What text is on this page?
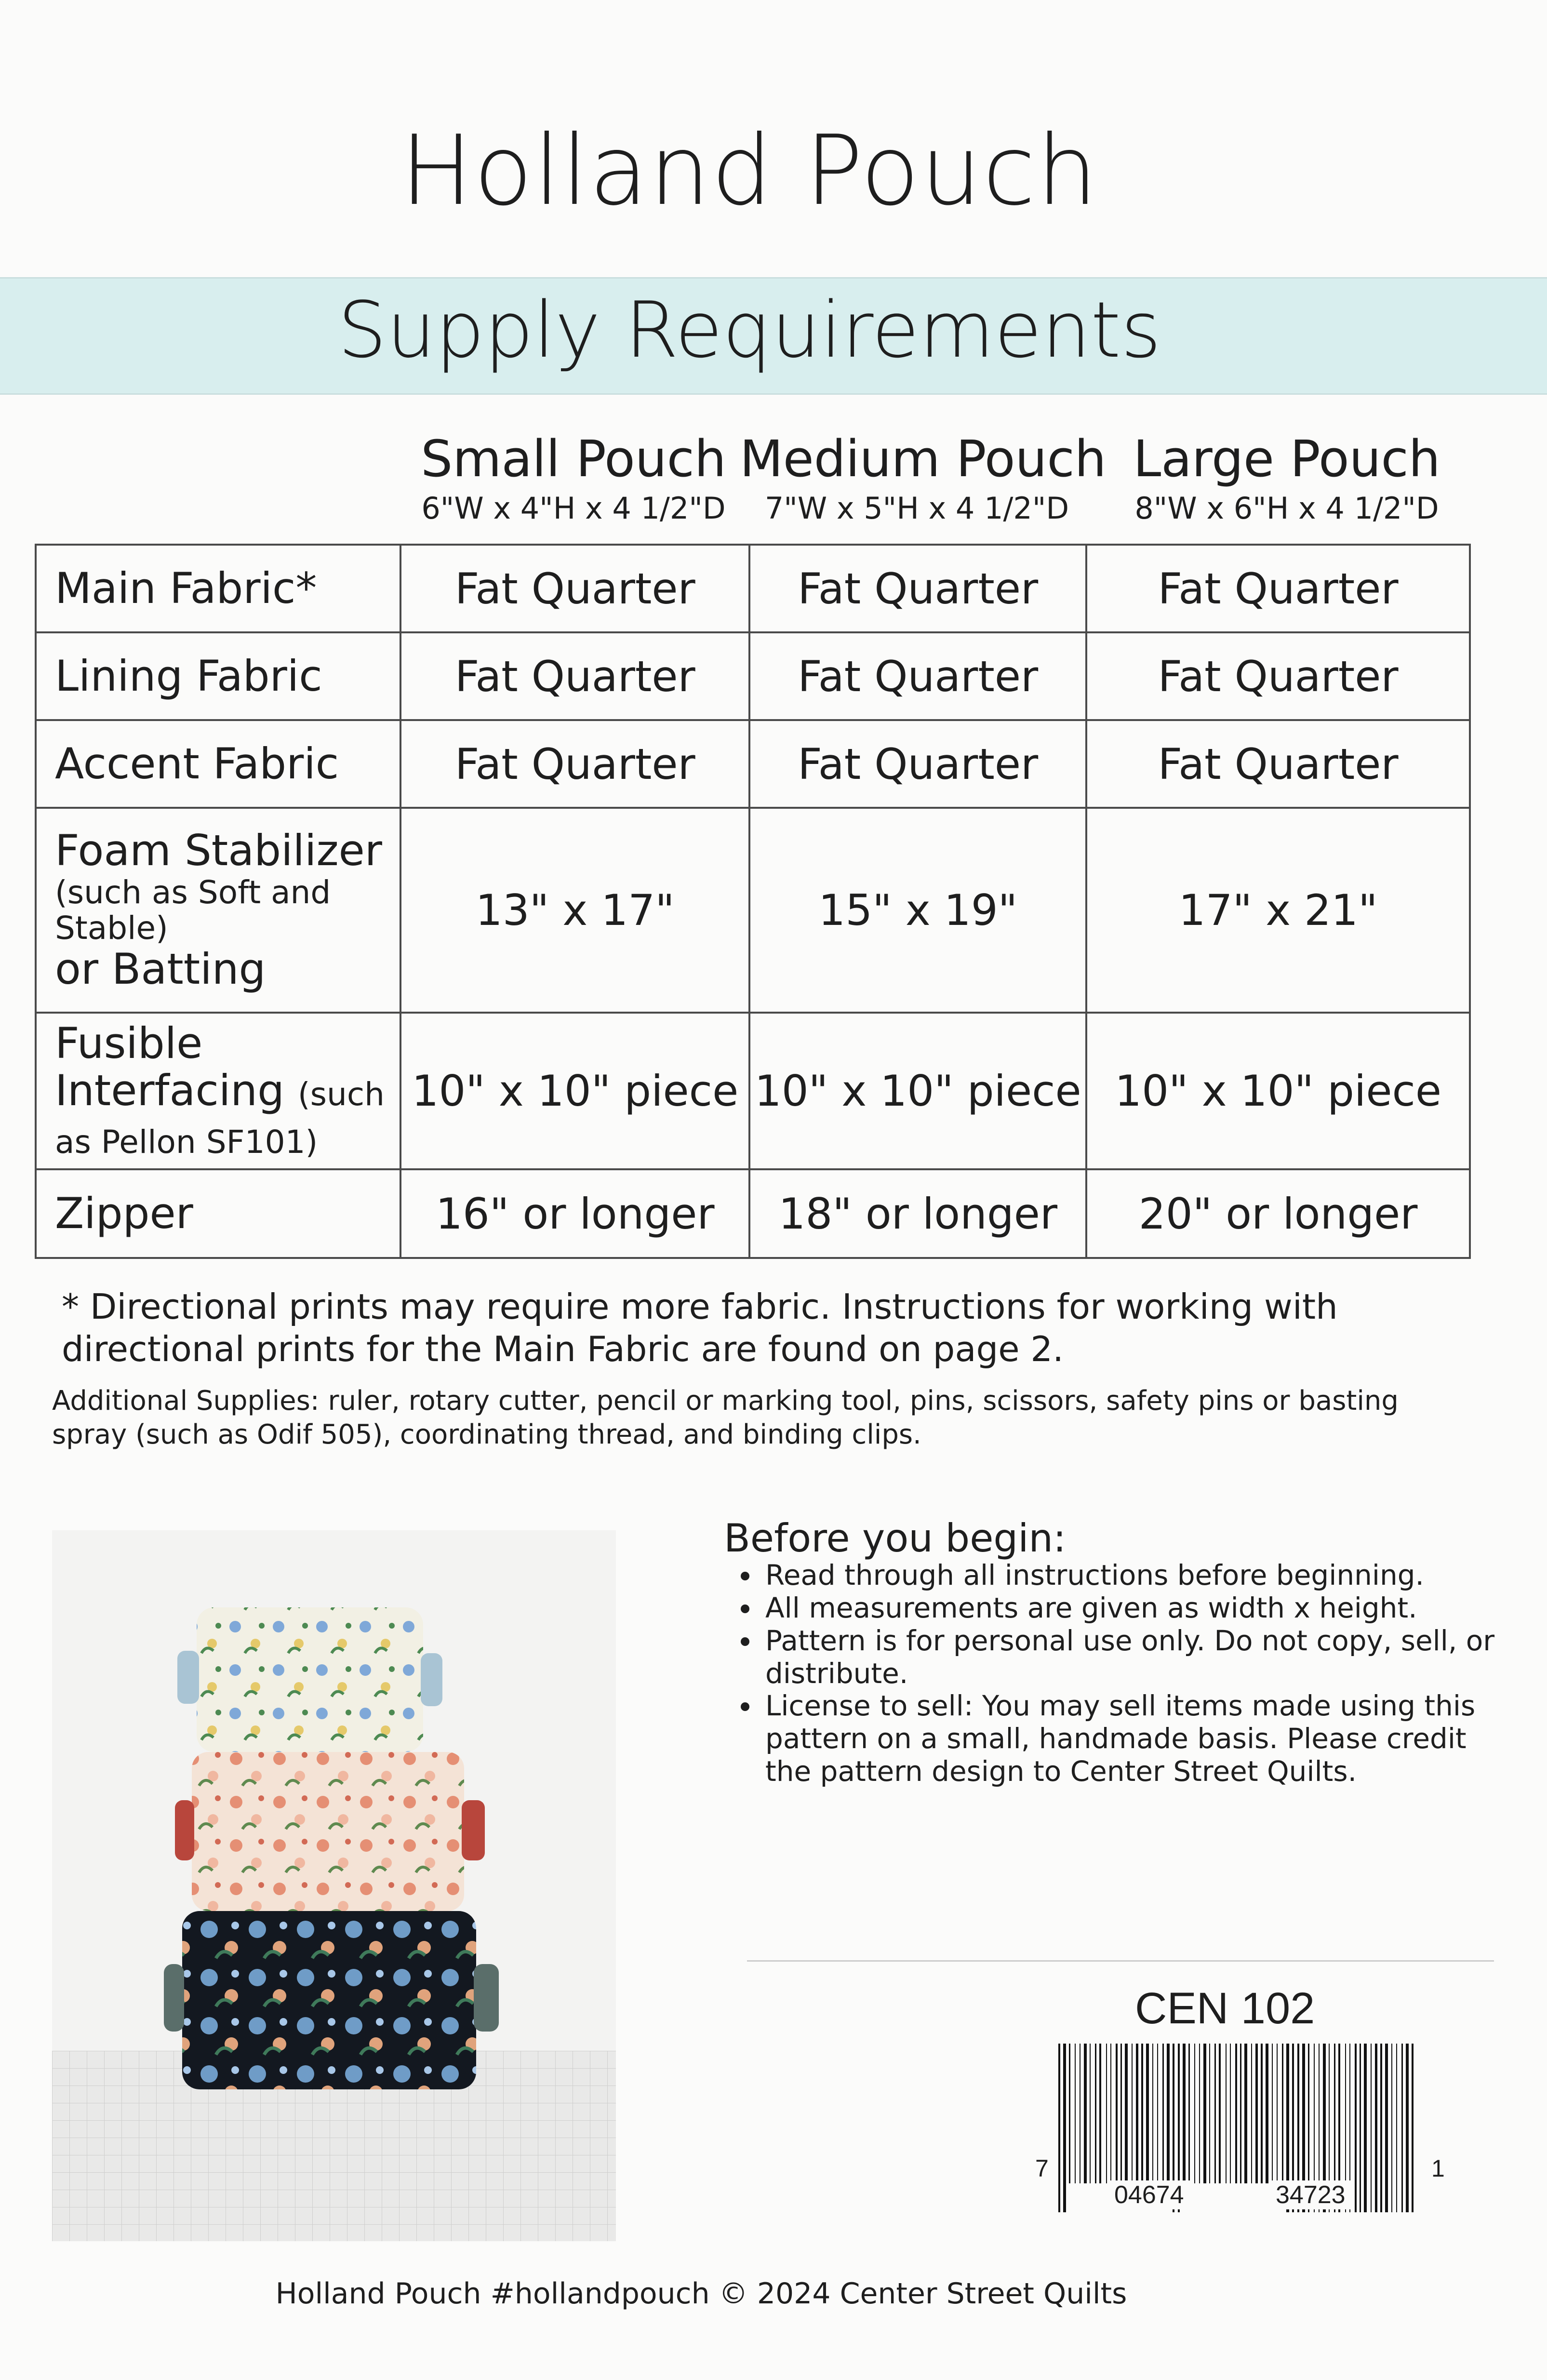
Holland Pouch
Supply Requirements
Small Pouch
6"W x 4"H x 4 1/2"D
Medium Pouch
7"W x 5"H x 4 1/2"D
Large Pouch
8"W x 6"H x 4 1/2"D
Main Fabric*	Fat Quarter	Fat Quarter	Fat Quarter
Lining Fabric	Fat Quarter	Fat Quarter	Fat Quarter
Accent Fabric	Fat Quarter	Fat Quarter	Fat Quarter

Foam Stabilizer
(such as Soft and Stable)
or Batting	13" x 17"	15" x 19"	17" x 21"
Fusible Interfacing (such as Pellon SF101)	10" x 10" piece	10" x 10" piece	10" x 10" piece
Zipper	16" or longer	18" or longer	20" or longer
* Directional prints may require more fabric. Instructions for working with directional prints for the Main Fabric are found on page 2.
Additional Supplies: ruler, rotary cutter, pencil or marking tool, pins, scissors, safety pins or basting spray (such as Odif 505), coordinating thread, and binding clips.
Before you begin:
• Read through all instructions before beginning.
• All measurements are given as width x height.
• Pattern is for personal use only. Do not copy, sell, or distribute.
• License to sell: You may sell items made using this pattern on a small, handmade basis. Please credit the pattern design to Center Street Quilts.
CEN 102
7
04674	34723
1
Holland Pouch #hollandpouch © 2024 Center Street Quilts
